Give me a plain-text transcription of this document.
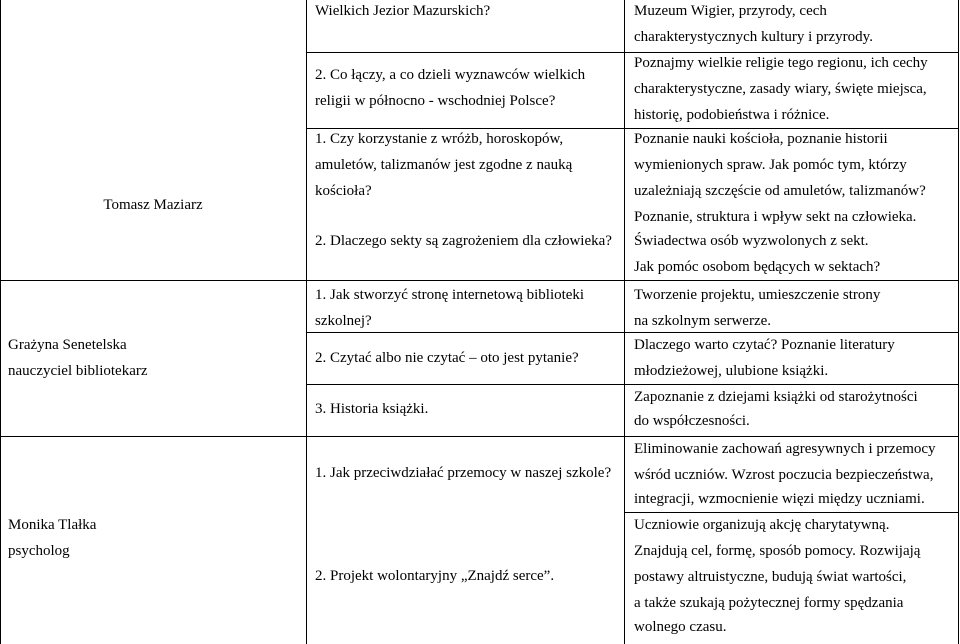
Wielkich Jezior Mazurskich?	Muzeum Wigier, przyrody, cech
charakterystycznych kultury i przyrody.
2. Co łączy, a co dzieli wyznawców wielkich
religii w północno - wschodniej Polsce?
Poznajmy wielkie religie tego regionu, ich cechy
charakterystyczne, zasady wiary, święte miejsca,
historię, podobieństwa i różnice.
Tomasz Maziarz
1. Czy korzystanie z wróżb, horoskopów,
amuletów, talizmanów jest zgodne z nauką
kościoła?
2. Dlaczego sekty są zagrożeniem dla człowieka?
Poznanie nauki kościoła, poznanie historii
wymienionych spraw. Jak pomóc tym, którzy
uzależniają szczęście od amuletów, talizmanów?
Poznanie, struktura i wpływ sekt na człowieka.
Świadectwa osób wyzwolonych z sekt.
Jak pomóc osobom będących w sektach?
Grażyna Senetelska
nauczyciel bibliotekarz
1. Jak stworzyć stronę internetową biblioteki
szkolnej?
2. Czytać albo nie czytać – oto jest pytanie?
3. Historia książki.
Tworzenie projektu, umieszczenie strony
na szkolnym serwerze.
Dlaczego warto czytać? Poznanie literatury
młodzieżowej, ulubione książki.
Zapoznanie z dziejami książki od starożytności
do współczesności.
Monika Tlałka
psycholog
1. Jak przeciwdziałać przemocy w naszej szkole?
2. Projekt wolontaryjny „Znajdź serce”.
Eliminowanie zachowań agresywnych i przemocy
wśród uczniów. Wzrost poczucia bezpieczeństwa,
integracji, wzmocnienie więzi między uczniami.
Uczniowie organizują akcję charytatywną.
Znajdują cel, formę, sposób pomocy. Rozwijają
postawy altruistyczne, budują świat wartości,
a także szukają pożytecznej formy spędzania
wolnego czasu.
